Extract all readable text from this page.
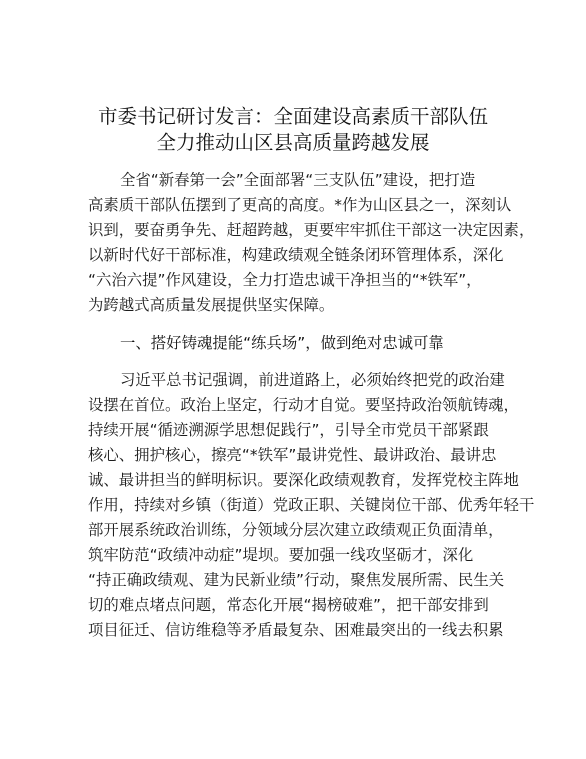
市委书记研讨发言：全面建设高素质干部队伍
全力推动山区县高质量跨越发展
全省“新春第一会”全面部署“三支队伍”建设，把打造
高素质干部队伍摆到了更高的高度。*作为山区县之一，深刻认
识到，要奋勇争先、赶超跨越，更要牢牢抓住干部这一决定因素，
以新时代好干部标准，构建政绩观全链条闭环管理体系，深化
“六治六提”作风建设，全力打造忠诚干净担当的“*铁军”，
为跨越式高质量发展提供坚实保障。
一、搭好铸魂提能“练兵场”，做到绝对忠诚可靠
习近平总书记强调，前进道路上，必须始终把党的政治建
设摆在首位。政治上坚定，行动才自觉。要坚持政治领航铸魂，
持续开展“循迹溯源学思想促践行”，引导全市党员干部紧跟
核心、拥护核心，擦亮“*铁军”最讲党性、最讲政治、最讲忠
诚、最讲担当的鲜明标识。要深化政绩观教育，发挥党校主阵地
作用，持续对乡镇（街道）党政正职、关键岗位干部、优秀年轻干
部开展系统政治训练，分领域分层次建立政绩观正负面清单，
筑牢防范“政绩冲动症”堤坝。要加强一线攻坚砺才，深化
“持正确政绩观、建为民新业绩”行动，聚焦发展所需、民生关
切的难点堵点问题，常态化开展“揭榜破难”，把干部安排到
项目征迁、信访维稳等矛盾最复杂、困难最突出的一线去积累
